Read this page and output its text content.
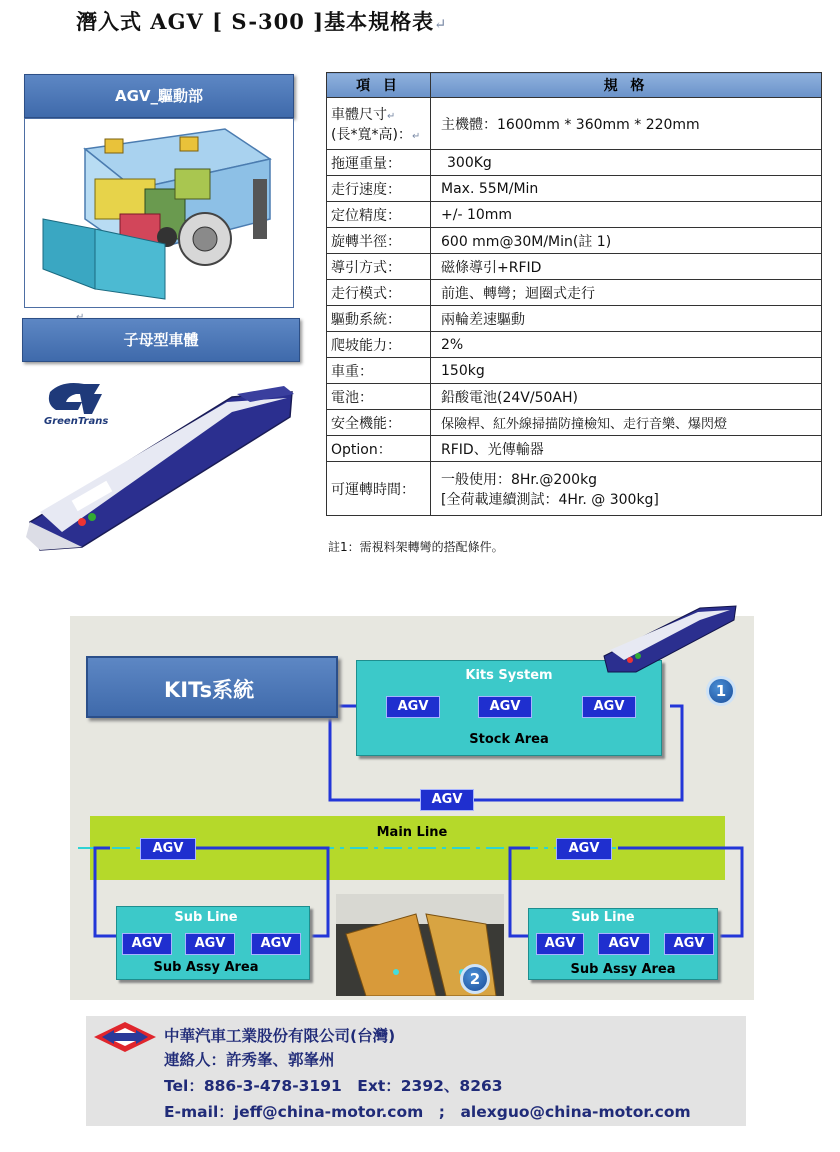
潛入式 AGV [ S-300 ]基本規格表↵
AGV_驅動部
子母型車體
GreenTrans
項 目	規 格
車體尺寸↵
(長*寬*高)：↵	主機體：1600mm * 360mm * 220mm
拖運重量：	300Kg
走行速度：	Max. 55M/Min
定位精度：	+/- 10mm
旋轉半徑：	600 mm@30M/Min(註 1)
導引方式：	磁條導引+RFID
走行模式：	前進、轉彎；迴圈式走行
驅動系統：	兩輪差速驅動
爬坡能力：	2%
車重：	150kg
電池：	鉛酸電池(24V/50AH)
安全機能：	保險桿、紅外線掃描防撞檢知、走行音樂、爆閃燈
Option：	RFID、光傳輸器
可運轉時間：	一般使用：8Hr.@200kg
[全荷載連續測試：4Hr. @ 300kg]
註1：需視料架轉彎的搭配條件。
KITs系統
Kits System
Stock Area
AGV	AGV	AGV
AGV
1
Main Line
AGV	AGV
Sub Line
Sub Assy Area
AGV	AGV	AGV
2
Sub Line
Sub Assy Area
AGV	AGV	AGV
中華汽車工業股份有限公司(台灣)
連絡人：許秀峯、郭峯州
Tel：886-3-478-3191　Ext：2392、8263
E-mail：jeff@china-motor.com　;　alexguo@china-motor.com
